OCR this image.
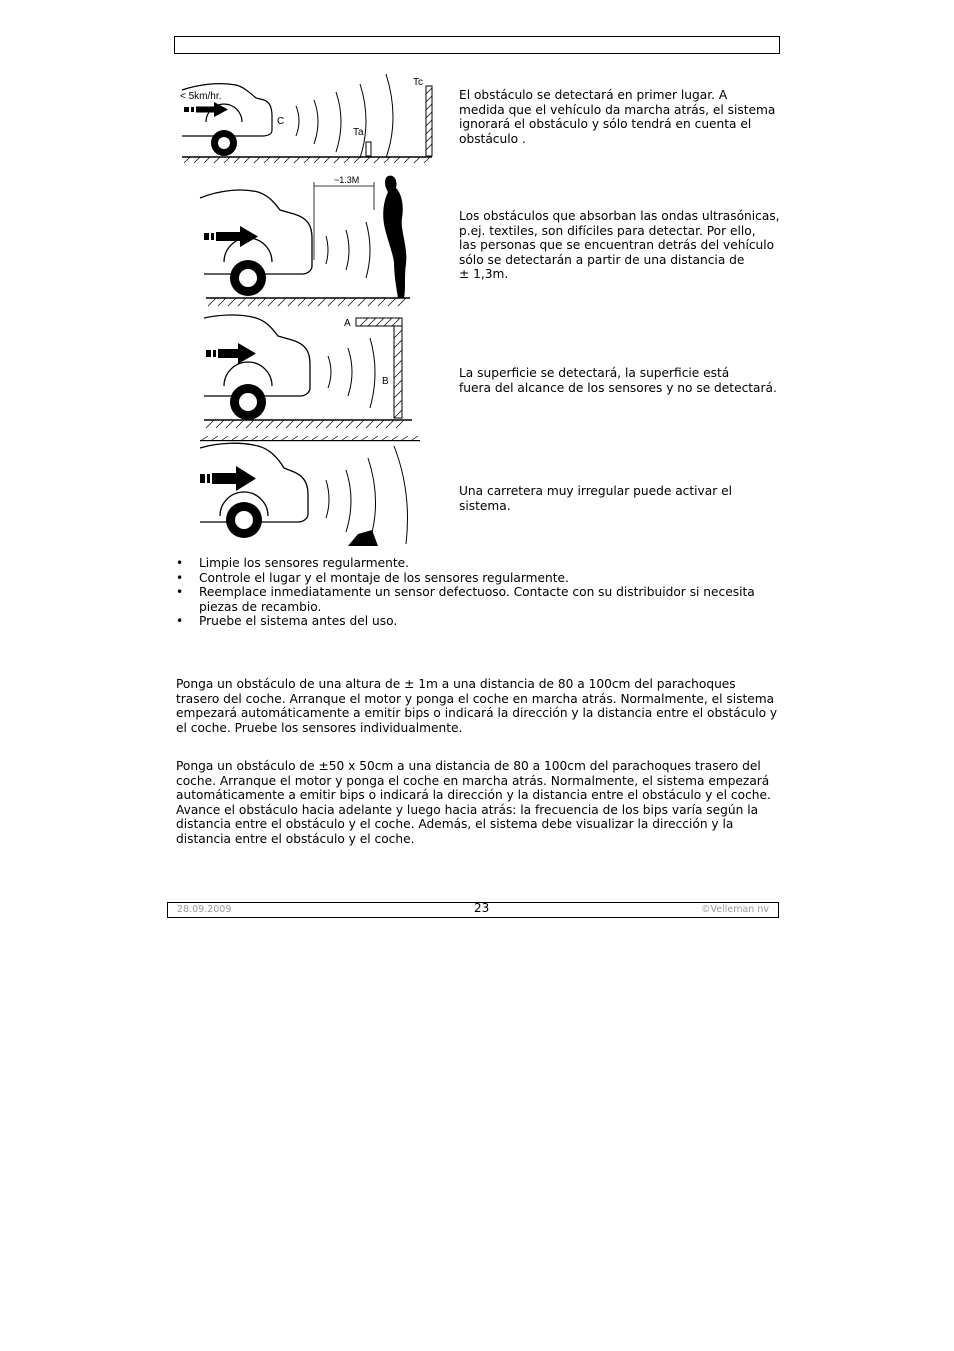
< 5km/hr.
C
Ta
Tc
El obstáculo se detectará en primer lugar. A
medida que el vehículo da marcha atrás, el sistema
ignorará el obstáculo y sólo tendrá en cuenta el
obstáculo .
~1.3M
Los obstáculos que absorban las ondas ultrasónicas,
p.ej. textiles, son difíciles para detectar. Por ello,
las personas que se encuentran detrás del vehículo
sólo se detectarán a partir de una distancia de
± 1,3m.
A
B
La superficie se detectará, la superficie está
fuera del alcance de los sensores y no se detectará.
Una carretera muy irregular puede activar el
sistema.
• Limpie los sensores regularmente.
• Controle el lugar y el montaje de los sensores regularmente.
• Reemplace inmediatamente un sensor defectuoso. Contacte con su distribuidor si necesita
piezas de recambio.
• Pruebe el sistema antes del uso.
Ponga un obstáculo de una altura de ± 1m a una distancia de 80 a 100cm del parachoques
trasero del coche. Arranque el motor y ponga el coche en marcha atrás. Normalmente, el sistema
empezará automáticamente a emitir bips o indicará la dirección y la distancia entre el obstáculo y
el coche. Pruebe los sensores individualmente.
Ponga un obstáculo de ±50 x 50cm a una distancia de 80 a 100cm del parachoques trasero del
coche. Arranque el motor y ponga el coche en marcha atrás. Normalmente, el sistema empezará
automáticamente a emitir bips o indicará la dirección y la distancia entre el obstáculo y el coche.
Avance el obstáculo hacia adelante y luego hacia atrás: la frecuencia de los bips varía según la
distancia entre el obstáculo y el coche. Además, el sistema debe visualizar la dirección y la
distancia entre el obstáculo y el coche.
28.09.2009	23	©Velleman nv
